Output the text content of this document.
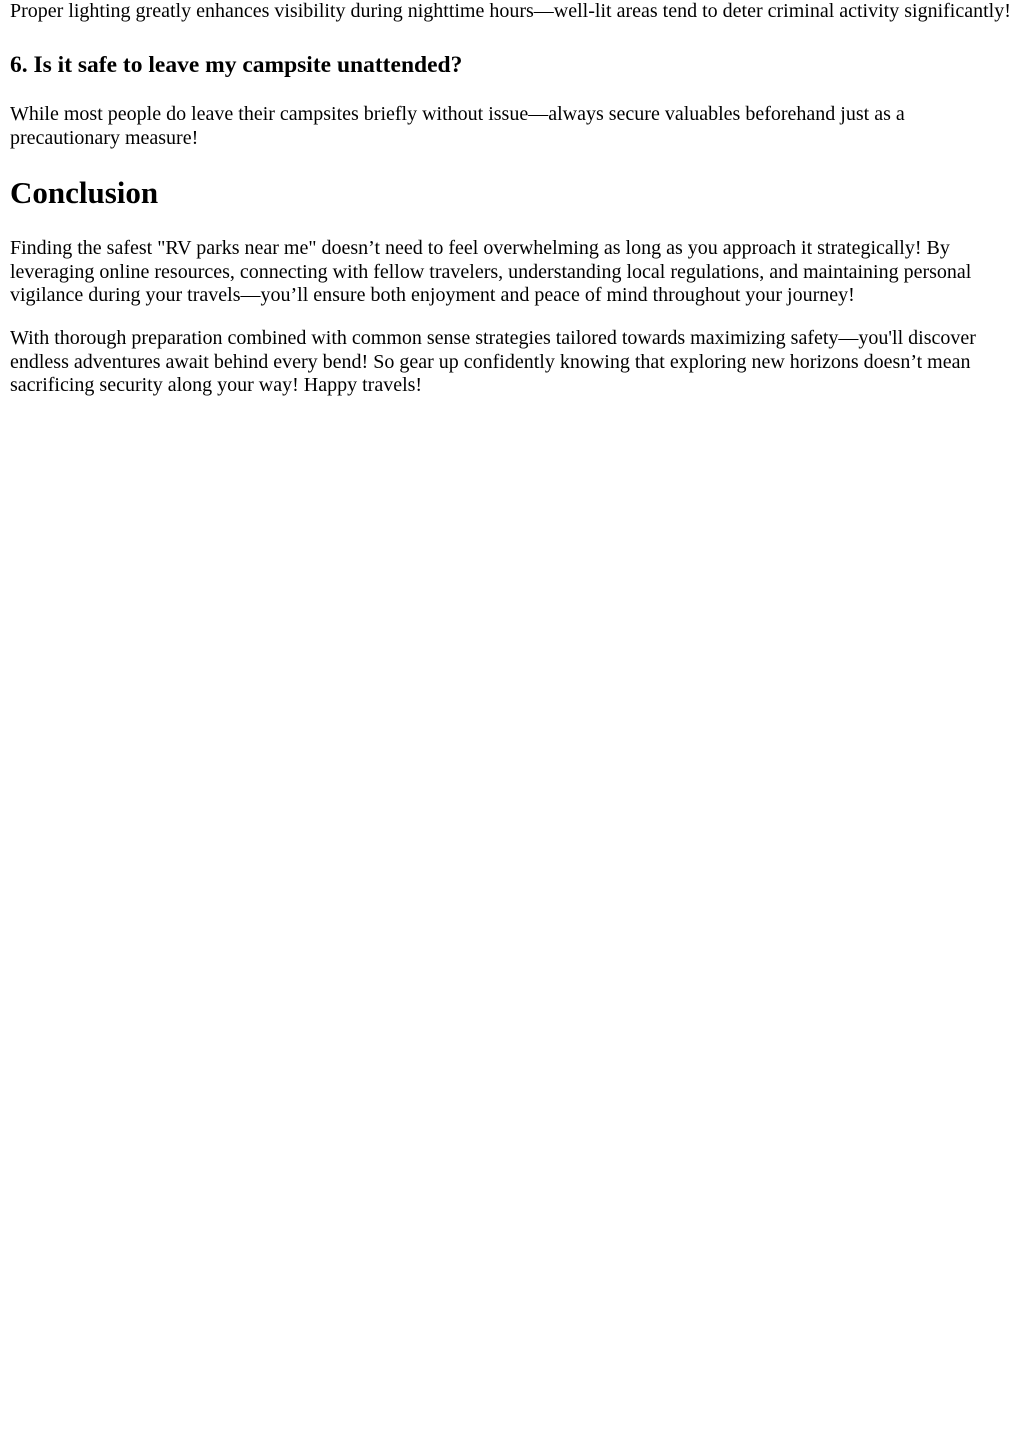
Proper lighting greatly enhances visibility during nighttime hours—well-lit areas tend to deter criminal activity significantly!

6. Is it safe to leave my campsite unattended?

While most people do leave their campsites briefly without issue—always secure valuables beforehand just as a precautionary measure!

Conclusion

Finding the safest "RV parks near me" doesn’t need to feel overwhelming as long as you approach it strategically! By leveraging online resources, connecting with fellow travelers, understanding local regulations, and maintaining personal vigilance during your travels—you’ll ensure both enjoyment and peace of mind throughout your journey!

With thorough preparation combined with common sense strategies tailored towards maximizing safety—you'll discover endless adventures await behind every bend! So gear up confidently knowing that exploring new horizons doesn’t mean sacrificing security along your way! Happy travels!
